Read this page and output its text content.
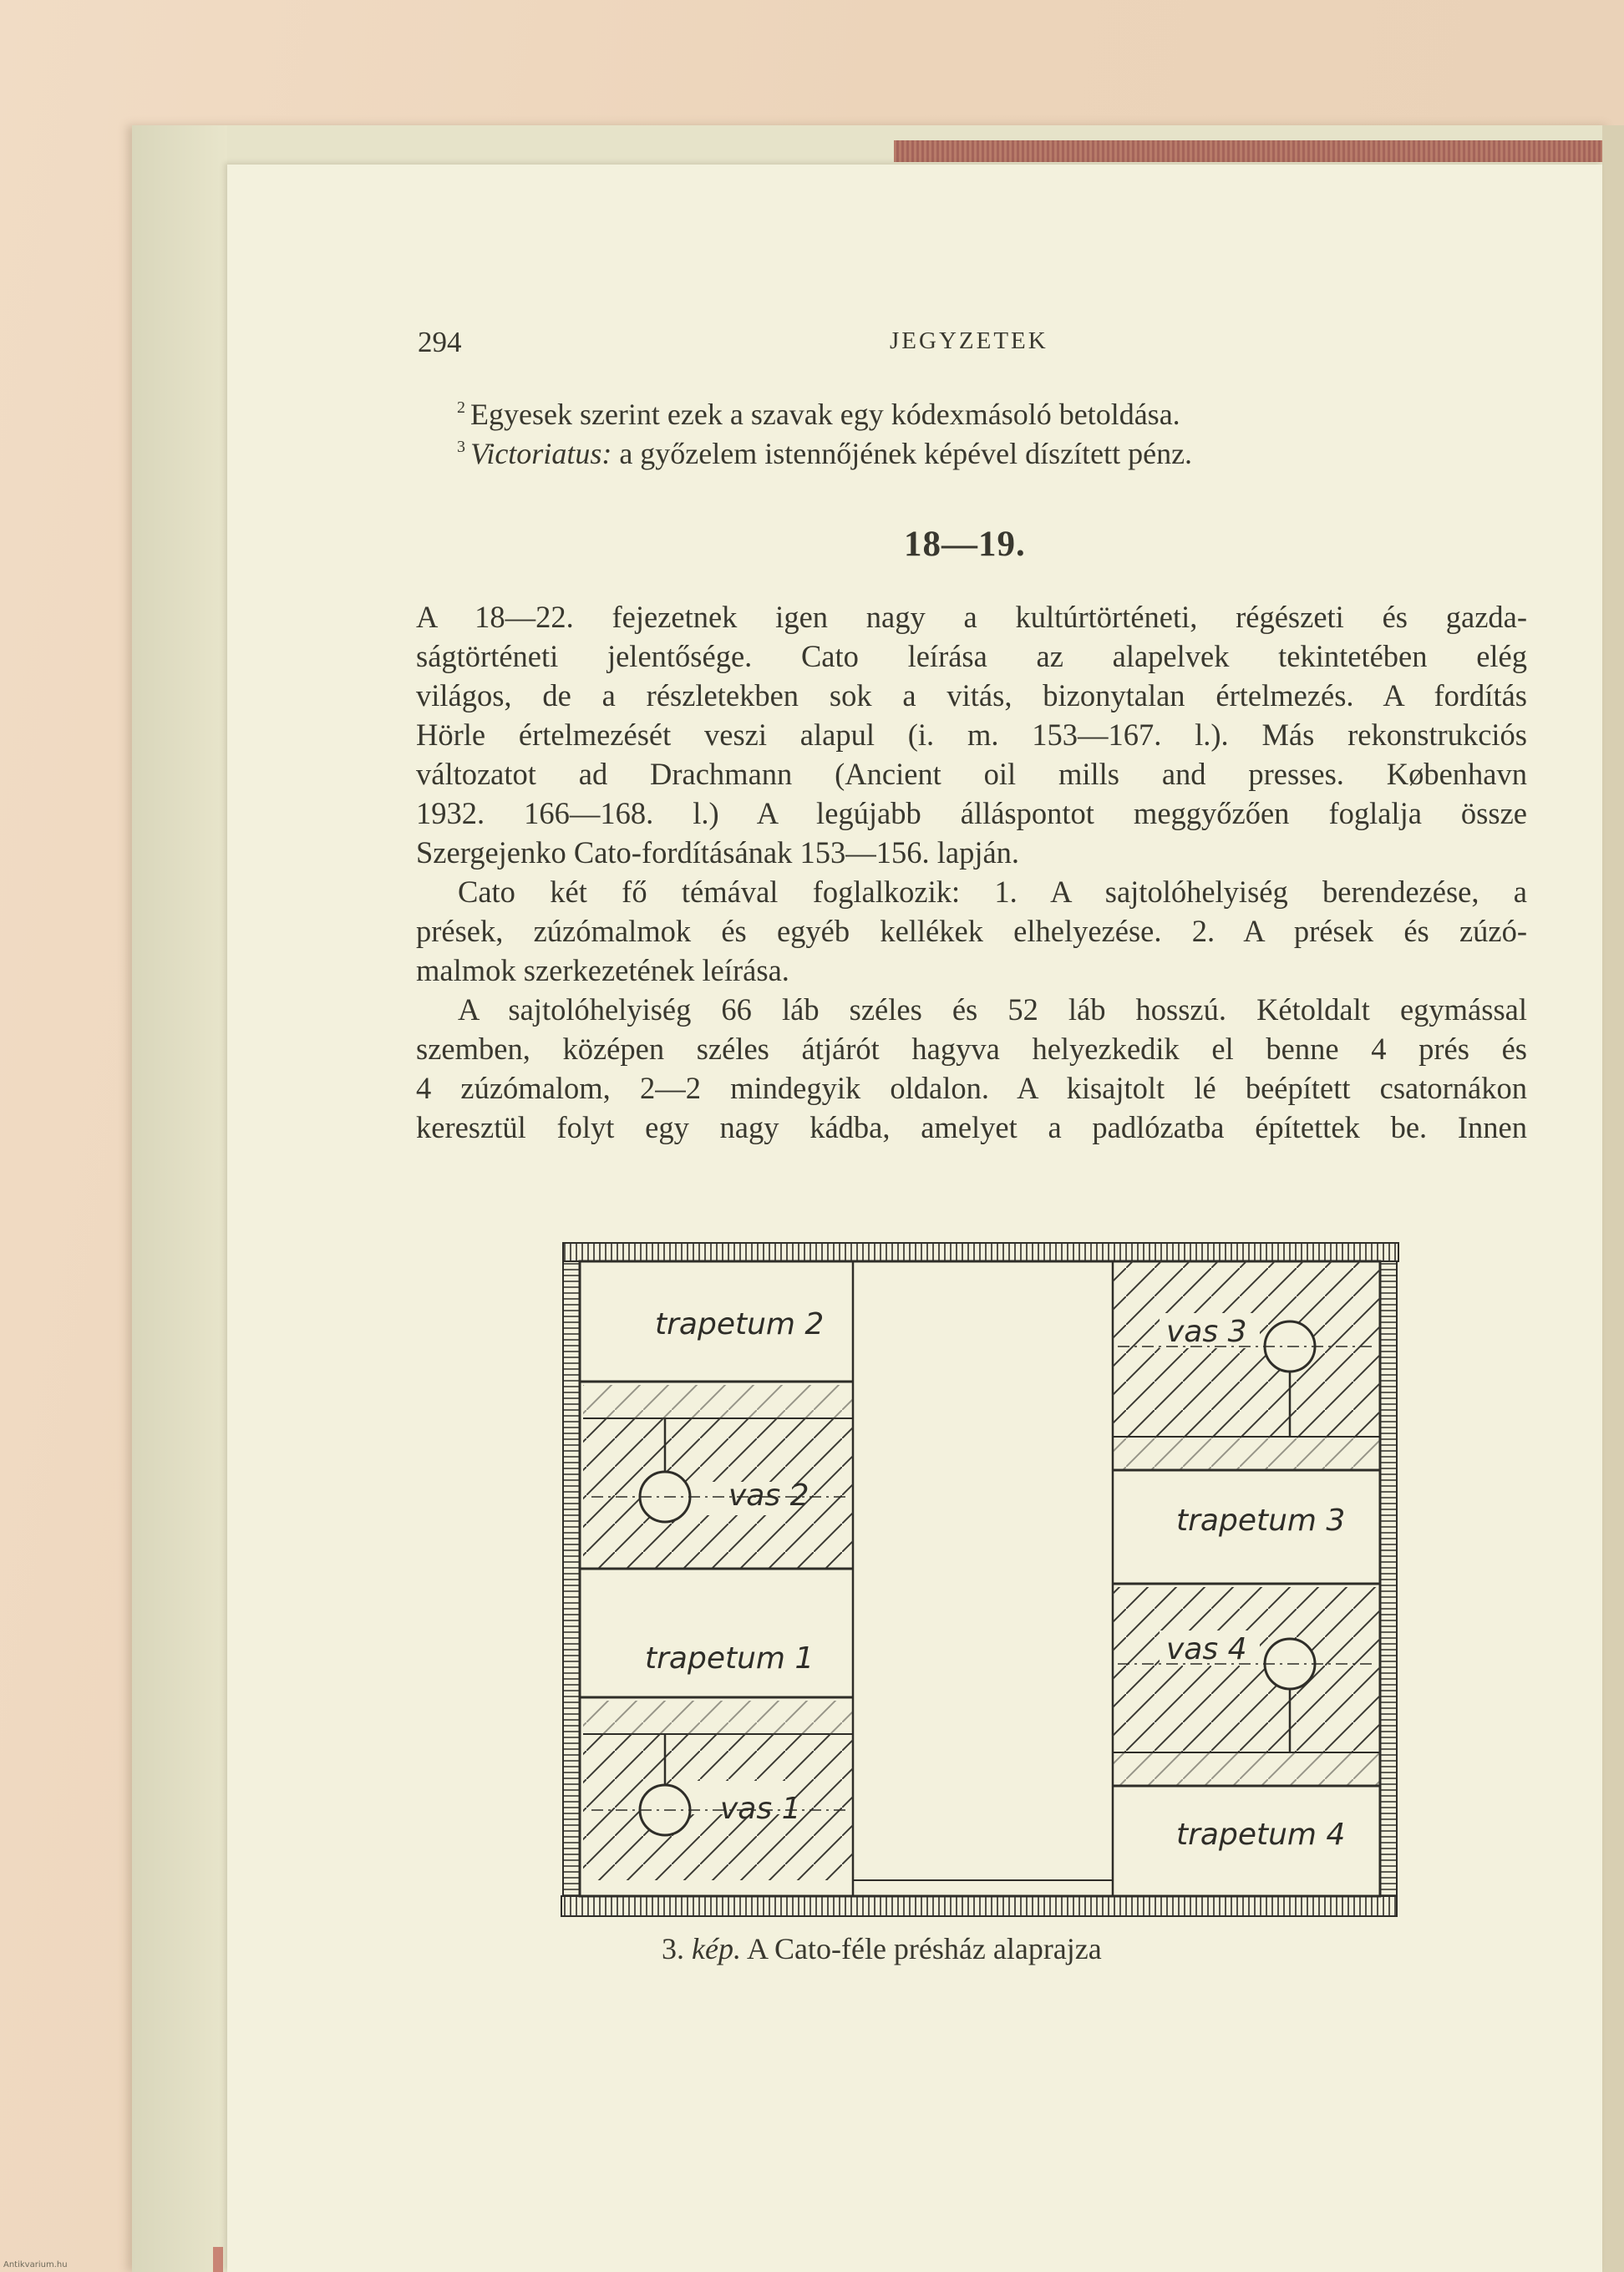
294	JEGYZETEK
$^2$ Egyesek szerint ezek a szavak egy kódexmásoló betoldása.
$^3$ Victoriatus: a győzelem istennőjének képével díszített pénz.
18—19.
A 18—22. fejezetnek igen nagy a kultúrtörténeti, régészeti és gazda-
ságtörténeti jelentősége. Cato leírása az alapelvek tekintetében elég
világos, de a részletekben sok a vitás, bizonytalan értelmezés. A fordítás
Hörle értelmezését veszi alapul (i. m. 153—167. l.). Más rekonstrukciós
változatot ad Drachmann (Ancient oil mills and presses. København
1932. 166—168. l.) A legújabb álláspontot meggyőzően foglalja össze
Szergejenko Cato-fordításának 153—156. lapján.
Cato két fő témával foglalkozik: 1. A sajtolóhelyiség berendezése, a
prések, zúzómalmok és egyéb kellékek elhelyezése. 2. A prések és zúzó-
malmok szerkezetének leírása.
A sajtolóhelyiség 66 láb széles és 52 láb hosszú. Kétoldalt egymással
szemben, középen széles átjárót hagyva helyezkedik el benne 4 prés és
4 zúzómalom, 2—2 mindegyik oldalon. A kisajtolt lé beépített csatornákon
keresztül folyt egy nagy kádba, amelyet a padlózatba építettek be. Innen
trapetum 2
vas 2
trapetum 1
vas 1
vas 3
trapetum 3
vas 4
trapetum 4
3. kép. A Cato-féle présház alaprajza
Antikvarium.hu
